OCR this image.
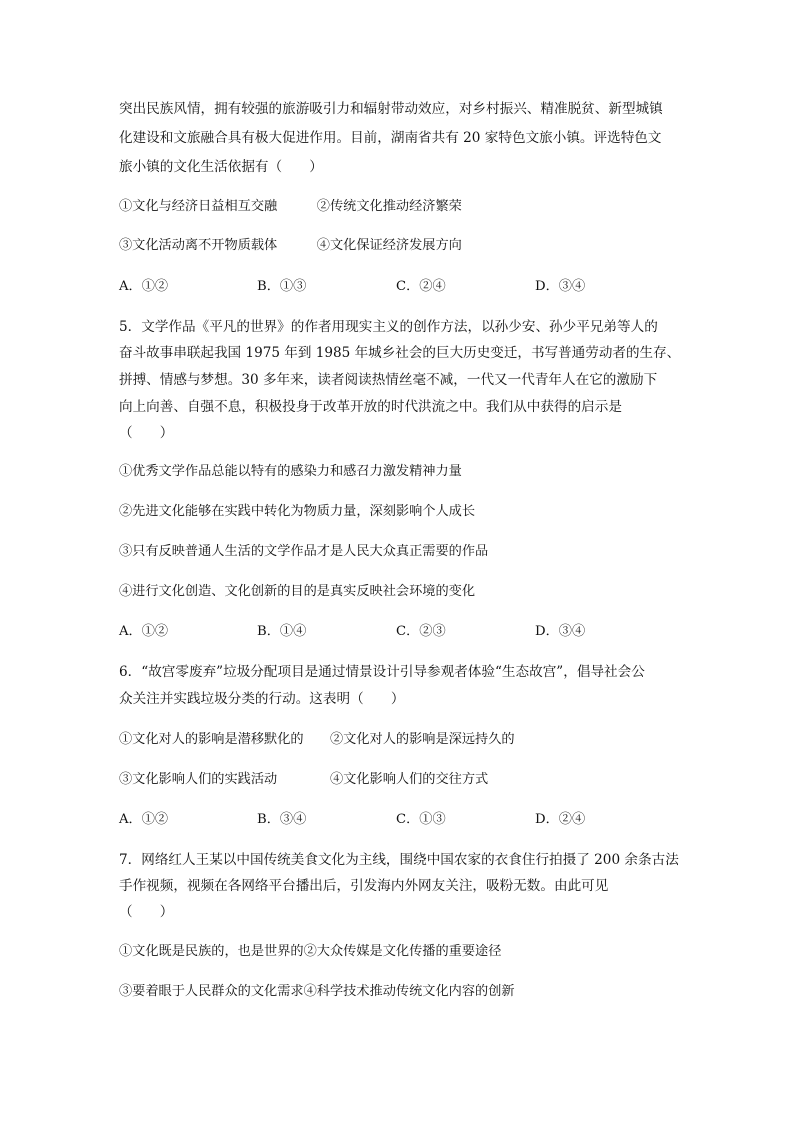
突出民族风情，拥有较强的旅游吸引力和辐射带动效应，对乡村振兴、精准脱贫、新型城镇
化建设和文旅融合具有极大促进作用。目前，湖南省共有 20 家特色文旅小镇。评选特色文
旅小镇的文化生活依据有（　　）
①文化与经济日益相互交融　　　②传统文化推动经济繁荣
③文化活动离不开物质载体　　　④文化保证经济发展方向
A．①②	B．①③	C．②④	D．③④
5．文学作品《平凡的世界》的作者用现实主义的创作方法，以孙少安、孙少平兄弟等人的
奋斗故事串联起我国 1975 年到 1985 年城乡社会的巨大历史变迁，书写普通劳动者的生存、
拼搏、情感与梦想。30 多年来，读者阅读热情丝毫不减，一代又一代青年人在它的激励下
向上向善、自强不息，积极投身于改革开放的时代洪流之中。我们从中获得的启示是
（　　）
①优秀文学作品总能以特有的感染力和感召力激发精神力量
②先进文化能够在实践中转化为物质力量，深刻影响个人成长
③只有反映普通人生活的文学作品才是人民大众真正需要的作品
④进行文化创造、文化创新的目的是真实反映社会环境的变化
A．①②	B．①④	C．②③	D．③④
6．“故宫零废弃”垃圾分配项目是通过情景设计引导参观者体验“生态故宫”，倡导社会公
众关注并实践垃圾分类的行动。这表明（　　）
①文化对人的影响是潜移默化的　　②文化对人的影响是深远持久的
③文化影响人们的实践活动　　　　④文化影响人们的交往方式
A．①②	B．③④	C．①③	D．②④
7．网络红人王某以中国传统美食文化为主线，围绕中国农家的衣食住行拍摄了 200 余条古法
手作视频，视频在各网络平台播出后，引发海内外网友关注，吸粉无数。由此可见
（　　）
①文化既是民族的，也是世界的②大众传媒是文化传播的重要途径
③要着眼于人民群众的文化需求④科学技术推动传统文化内容的创新
